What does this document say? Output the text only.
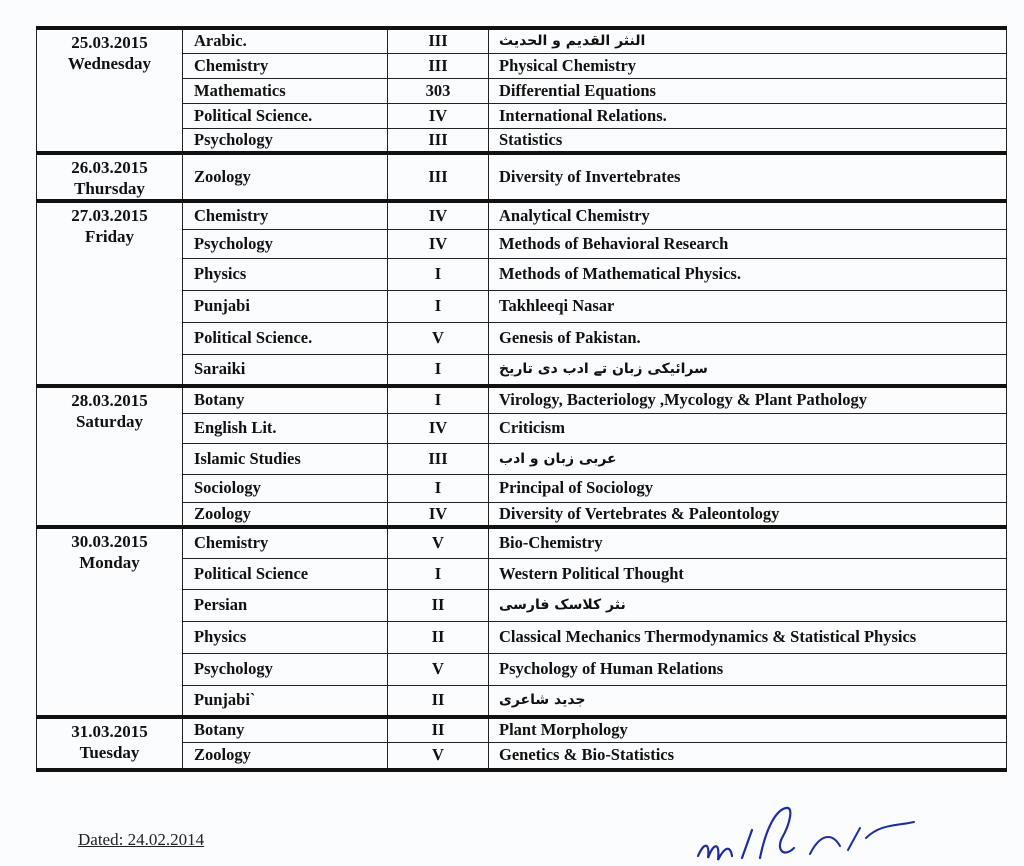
25.03.2015
Wednesday	Arabic.	III	النثر القديم و الحديث
	Chemistry	III	Physical Chemistry
	Mathematics	303	Differential Equations
	Political Science.	IV	International Relations.
	Psychology	III	Statistics

26.03.2015
Thursday	Zoology	III	Diversity of Invertebrates

27.03.2015
Friday	Chemistry	IV	Analytical Chemistry
	Psychology	IV	Methods of Behavioral Research
	Physics	I	Methods of Mathematical Physics.
	Punjabi	I	Takhleeqi Nasar
	Political Science.	V	Genesis of Pakistan.
	Saraiki	I	سرائیکی زبان تے ادب دی تاریخ

28.03.2015
Saturday	Botany	I	Virology, Bacteriology ,Mycology & Plant Pathology
	English Lit.	IV	Criticism
	Islamic Studies	III	عربی زبان و ادب
	Sociology	I	Principal of Sociology
	Zoology	IV	Diversity of Vertebrates & Paleontology

30.03.2015
Monday	Chemistry	V	Bio-Chemistry
	Political Science	I	Western Political Thought
	Persian	II	نثر کلاسک فارسی
	Physics	II	Classical Mechanics Thermodynamics & Statistical Physics
	Psychology	V	Psychology of Human Relations
	Punjabi`	II	جدید شاعری

31.03.2015
Tuesday	Botany	II	Plant Morphology
	Zoology	V	Genetics & Bio-Statistics
Dated: 24.02.2014
